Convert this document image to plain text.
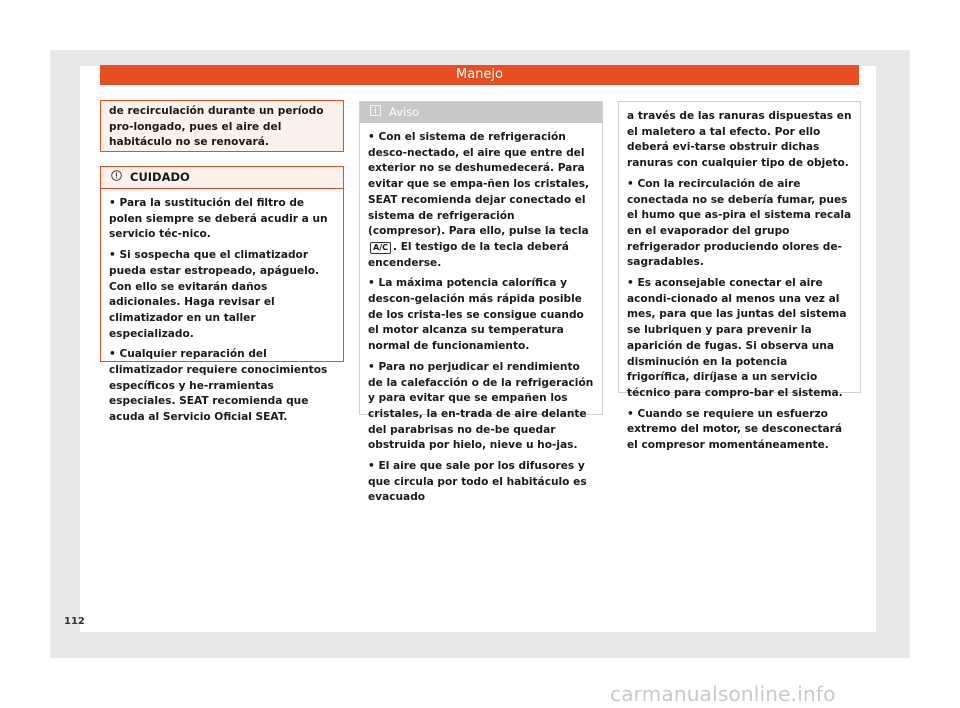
Manejo
de recirculación durante un período pro-longado, pues el aire del habitáculo no se renovará.
CUIDADO

• Para la sustitución del filtro de polen siempre se deberá acudir a un servicio téc-nico.

• Si sospecha que el climatizador pueda estar estropeado, apáguelo. Con ello se evitarán daños adicionales. Haga revisar el climatizador en un taller especializado.

• Cualquier reparación del climatizador requiere conocimientos específicos y he-rramientas especiales. SEAT recomienda que acuda al Servicio Oficial SEAT.

Aviso

• Con el sistema de refrigeración desco-nectado, el aire que entre del exterior no se deshumedecerá. Para evitar que se empa-ñen los cristales, SEAT recomienda dejar conectado el sistema de refrigeración (compresor). Para ello, pulse la teclaA/C . El testigo de la tecla deberá encenderse.

• La máxima potencia calorífica y descon-gelación más rápida posible de los crista-les se consigue cuando el motor alcanza su temperatura normal de funcionamiento.

• Para no perjudicar el rendimiento de la calefacción o de la refrigeración y para evitar que se empañen los cristales, la en-trada de aire delante del parabrisas no de-be quedar obstruida por hielo, nieve u ho-jas.

• El aire que sale por los difusores y que circula por todo el habitáculo es evacuado

a través de las ranuras dispuestas en el maletero a tal efecto. Por ello deberá evi-tarse obstruir dichas ranuras con cualquier tipo de objeto.

• Con la recirculación de aire conectada no se debería fumar, pues el humo que as-pira el sistema recala en el evaporador del grupo refrigerador produciendo olores de-sagradables.

• Es aconsejable conectar el aire acondi-cionado al menos una vez al mes, para que las juntas del sistema se lubriquen y para prevenir la aparición de fugas. Si observa una disminución en la potencia frigorífica, diríjase a un servicio técnico para compro-bar el sistema.

• Cuando se requiere un esfuerzo extremo del motor, se desconectará el compresor momentáneamente.

112
carmanualsonline.info
